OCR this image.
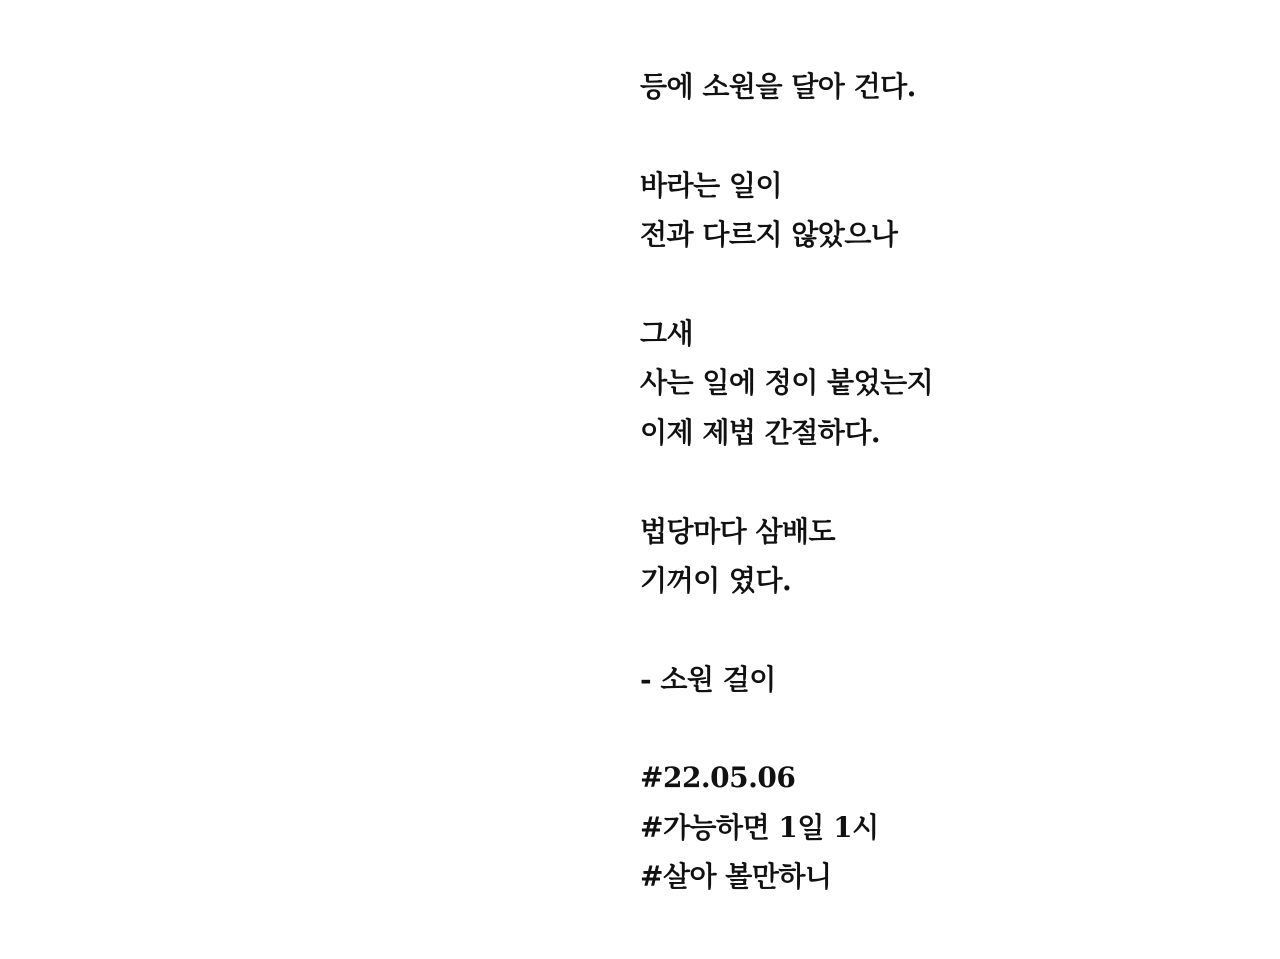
등에 소원을 달아 건다.
바라는 일이
전과 다르지 않았으나
그새
사는 일에 정이 붙었는지
이제 제법 간절하다.
법당마다 삼배도
기꺼이 였다.
- 소원 걸이
#22.05.06
#가능하면 1일 1시
#살아 볼만하니
